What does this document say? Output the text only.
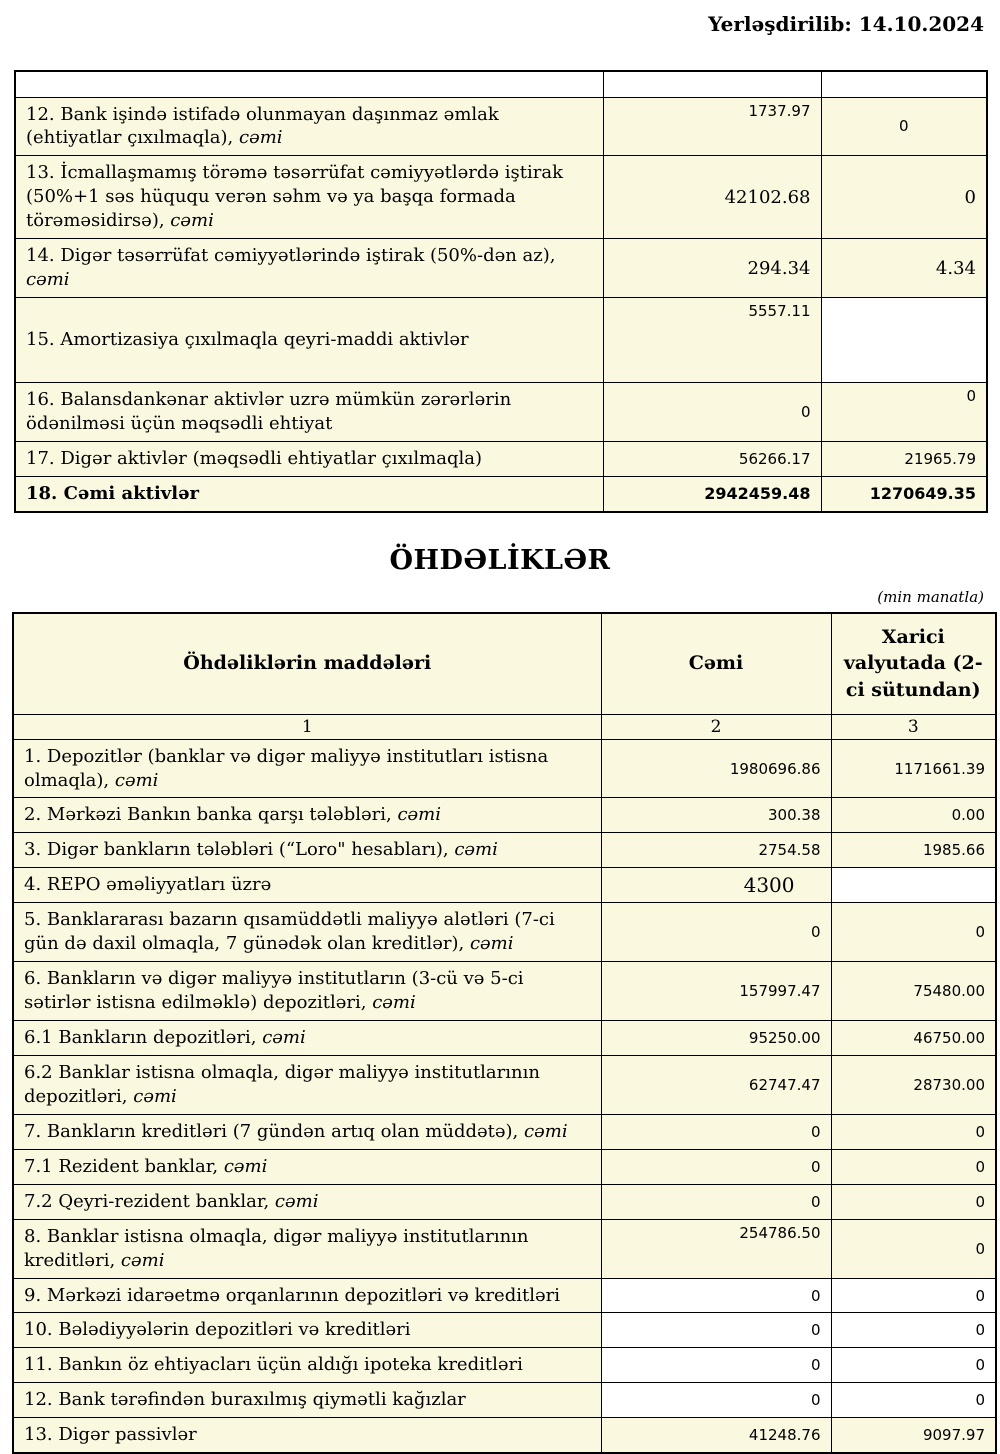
Yerləşdirilib: 14.10.2024

12. Bank işində istifadə olunmayan daşınmaz əmlak (ehtiyatlar çıxılmaqla), cəmi	1737.97	0
13. İcmallaşmamış törəmə təsərrüfat cəmiyyətlərdə iştirak (50%+1 səs hüququ verən səhm və ya başqa formada törəməsidirsə), cəmi	42102.68	0
14. Digər təsərrüfat cəmiyyətlərində iştirak (50%-dən az), cəmi	294.34	4.34
15. Amortizasiya çıxılmaqla qeyri-maddi aktivlər	5557.11	
16. Balansdankənar aktivlər uzrə mümkün zərərlərin ödənilməsi üçün məqsədli ehtiyat	0	0
17. Digər aktivlər (məqsədli ehtiyatlar çıxılmaqla)	56266.17	21965.79
18. Cəmi aktivlər	2942459.48	1270649.35
ÖHDƏLİKLƏR
(min manatla)
Öhdəliklərin maddələri	Cəmi	Xarici valyutada (2-ci sütundan)
1	2	3
1. Depozitlər (banklar və digər maliyyə institutları istisna olmaqla), cəmi	1980696.86	1171661.39
2. Mərkəzi Bankın banka qarşı tələbləri, cəmi	300.38	0.00
3. Digər bankların tələbləri (“Loro" hesabları), cəmi	2754.58	1985.66
4. REPO əməliyyatları üzrə	4300	
5. Banklararası bazarın qısamüddətli maliyyə alətləri (7-ci gün də daxil olmaqla, 7 günədək olan kreditlər), cəmi	0	0
6. Bankların və digər maliyyə institutların (3-cü və 5-ci sətirlər istisna edilməklə) depozitləri, cəmi	157997.47	75480.00
6.1 Bankların depozitləri, cəmi	95250.00	46750.00
6.2 Banklar istisna olmaqla, digər maliyyə institutlarının depozitləri, cəmi	62747.47	28730.00
7. Bankların kreditləri (7 gündən artıq olan müddətə), cəmi	0	0
7.1 Rezident banklar, cəmi	0	0
7.2 Qeyri-rezident banklar, cəmi	0	0
8. Banklar istisna olmaqla, digər maliyyə institutlarının kreditləri, cəmi	254786.50	0
9. Mərkəzi idarəetmə orqanlarının depozitləri və kreditləri	0	0
10. Bələdiyyələrin depozitləri və kreditləri	0	0
11. Bankın öz ehtiyacları üçün aldığı ipoteka kreditləri	0	0
12. Bank tərəfindən buraxılmış qiymətli kağızlar	0	0
13. Digər passivlər	41248.76	9097.97
